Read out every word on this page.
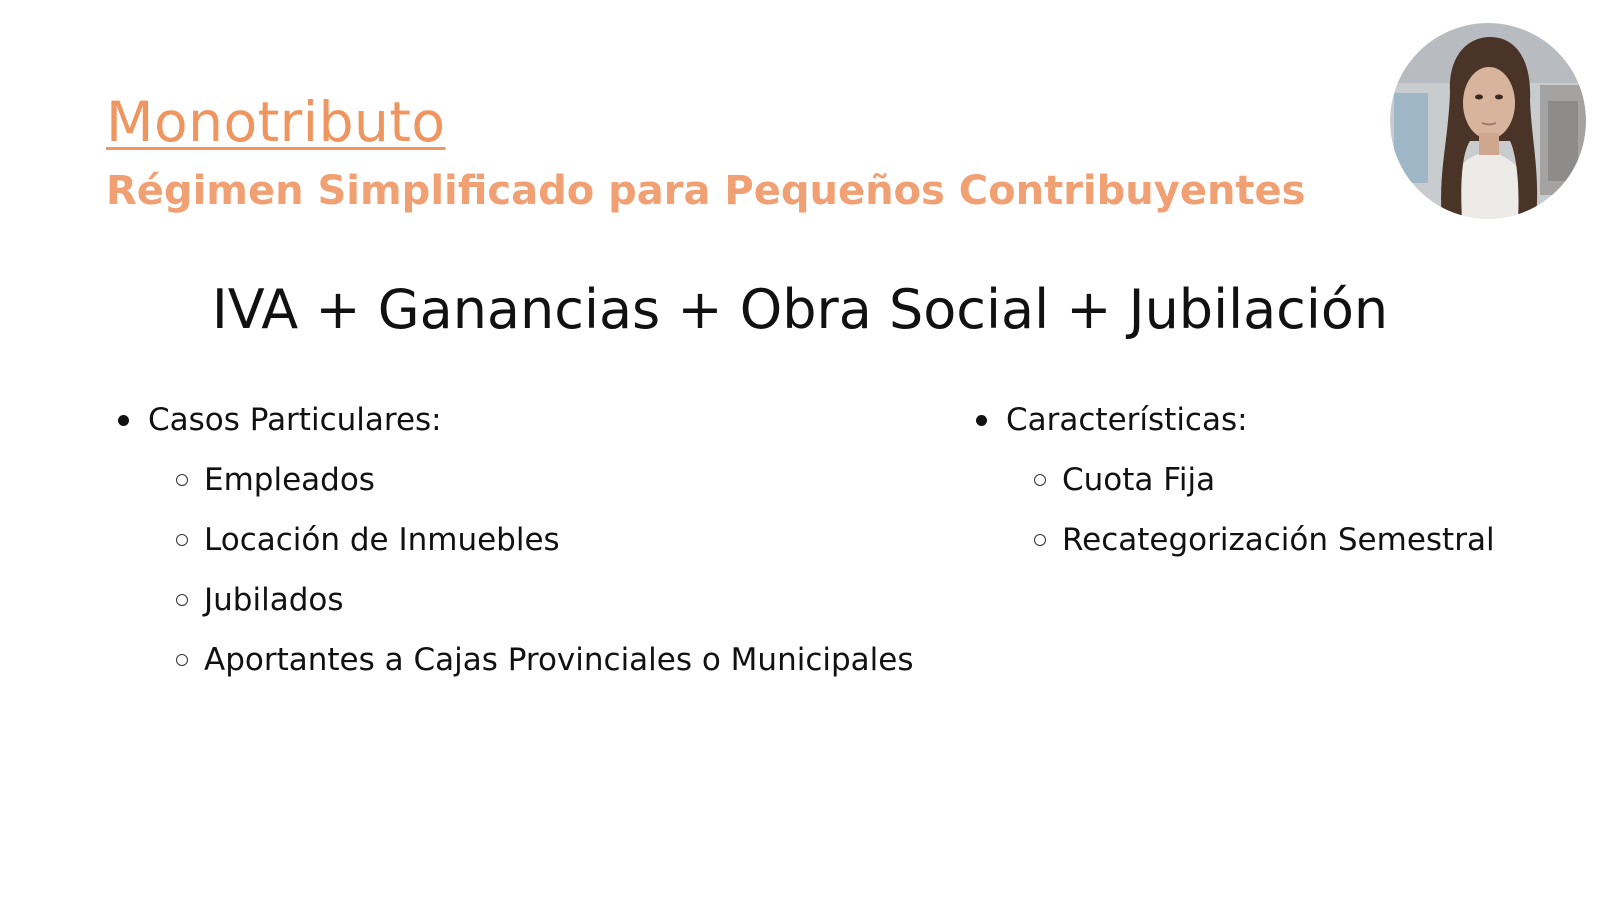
Monotributo
Régimen Simplificado para Pequeños Contribuyentes
IVA + Ganancias + Obra Social + Jubilación
Casos Particulares:
Empleados
Locación de Inmuebles
Jubilados
Aportantes a Cajas Provinciales o Municipales
Características:
Cuota Fija
Recategorización Semestral
